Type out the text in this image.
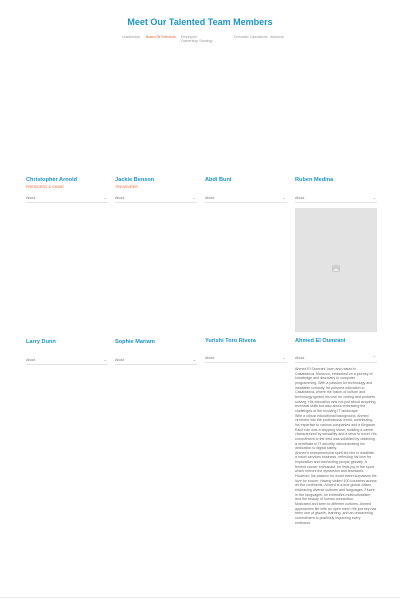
Meet Our Talented Team Members
Leadership Board Of Directors Employee Ownership Strategy
Domestic Operations Advisory
Christopher Arnold
PRESIDENT & CHAIR
About	⌄
Jackie Benson
TREASURER
About	⌄
Abdi Buni
About	⌄
Ruben Medina
About	⌄
Larry Dunn
About	⌄
Sophie Mariam
About	⌄
Yurishi Toro Rivera
About	⌄
Ahmed El Oumrani
About	⌃

Ahmed El Oumrani, born and raised in Casablanca, Morocco, embarked on a journey of knowledge and discovery in computer programming. With a passion for technology and insatiable curiosity, he pursued education in Casablanca, where the fusion of culture and technology ignited his love for coding and problem-solving. His education was not just about acquiring technical skills but also about embracing the challenges of the evolving IT landscape.

With a robust educational background, Ahmed ventured into the professional world, contributing his expertise to various companies and a Kingdom. Each role was a stepping stone, building a career characterized by versatility and a drive to excel. His commitment to the field was solidified by obtaining a certificate in IT security, demonstrating his dedication to digital safety.

Ahmed's entrepreneurial spirit led him to establish a travel services business, reflecting his love for exploration and connecting people globally. A fervent soccer enthusiast, he finds joy in the sport, which mirrors the dynamism and teamwork. However, his passion for world travel surpasses his love for soccer. Having visited 100 countries across all five continents, Ahmed is a true global citizen, embracing diverse cultures and languages. Fluent in five languages, he embodies multiculturalism and the beauty of human connection.

Motivated and keen to different cultures, Ahmed approaches life with an open mind. His journey has been one of growth, learning, and an unwavering commitment to positively impacting every endeavor.
